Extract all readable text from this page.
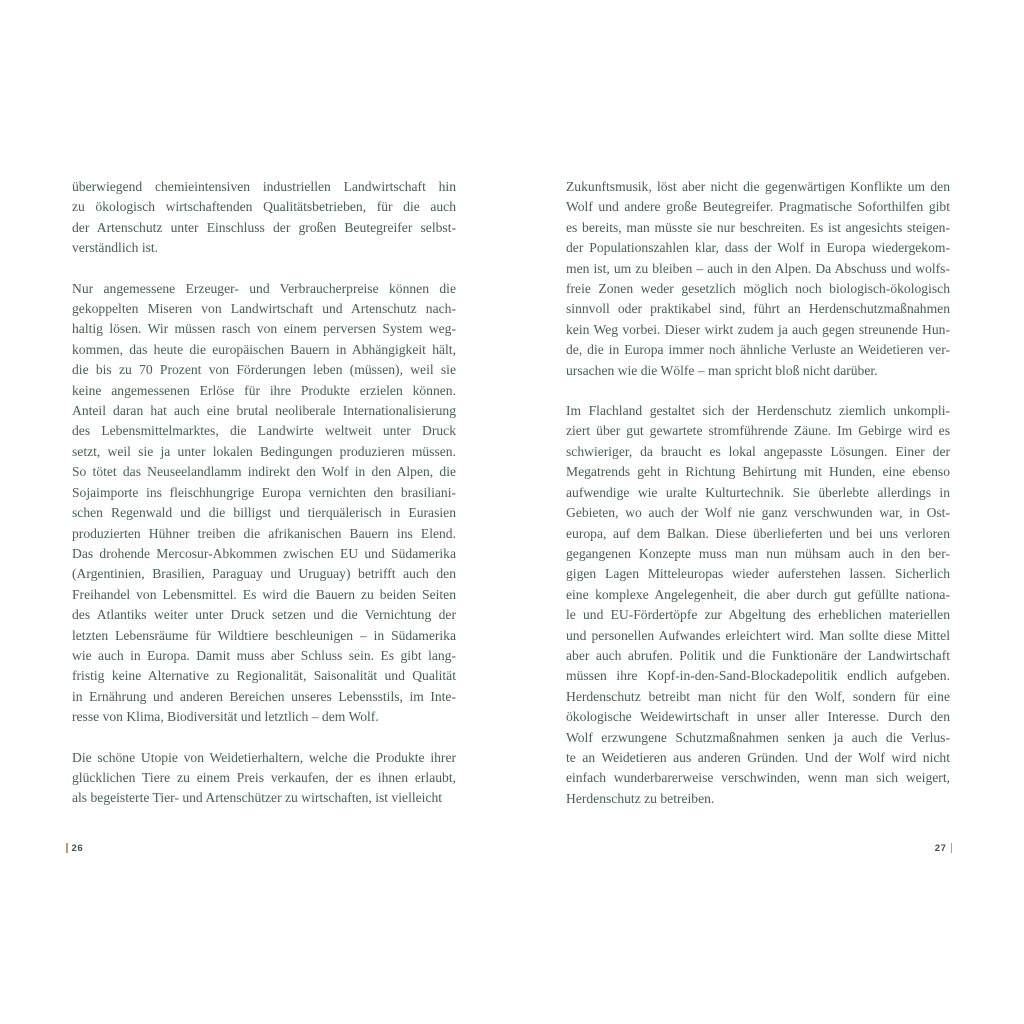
überwiegend chemieintensiven industriellen Landwirtschaft hin
zu ökologisch wirtschaftenden Qualitätsbetrieben, für die auch
der Artenschutz unter Einschluss der großen Beutegreifer selbst-
verständlich ist.
Nur angemessene Erzeuger- und Verbraucherpreise können die
gekoppelten Miseren von Landwirtschaft und Artenschutz nach-
haltig lösen. Wir müssen rasch von einem perversen System weg-
kommen, das heute die europäischen Bauern in Abhängigkeit hält,
die bis zu 70 Prozent von Förderungen leben (müssen), weil sie
keine angemessenen Erlöse für ihre Produkte erzielen können.
Anteil daran hat auch eine brutal neoliberale Internationalisierung
des Lebensmittelmarktes, die Landwirte weltweit unter Druck
setzt, weil sie ja unter lokalen Bedingungen produzieren müssen.
So tötet das Neuseelandlamm indirekt den Wolf in den Alpen, die
Sojaimporte ins fleischhungrige Europa vernichten den brasiliani-
schen Regenwald und die billigst und tierquälerisch in Eurasien
produzierten Hühner treiben die afrikanischen Bauern ins Elend.
Das drohende Mercosur-Abkommen zwischen EU und Südamerika
(Argentinien, Brasilien, Paraguay und Uruguay) betrifft auch den
Freihandel von Lebensmittel. Es wird die Bauern zu beiden Seiten
des Atlantiks weiter unter Druck setzen und die Vernichtung der
letzten Lebensräume für Wildtiere beschleunigen – in Südamerika
wie auch in Europa. Damit muss aber Schluss sein. Es gibt lang-
fristig keine Alternative zu Regionalität, Saisonalität und Qualität
in Ernährung und anderen Bereichen unseres Lebensstils, im Inte-
resse von Klima, Biodiversität und letztlich – dem Wolf.
Die schöne Utopie von Weidetierhaltern, welche die Produkte ihrer
glücklichen Tiere zu einem Preis verkaufen, der es ihnen erlaubt,
als begeisterte Tier- und Artenschützer zu wirtschaften, ist vielleicht
Zukunftsmusik, löst aber nicht die gegenwärtigen Konflikte um den
Wolf und andere große Beutegreifer. Pragmatische Soforthilfen gibt
es bereits, man müsste sie nur beschreiten. Es ist angesichts steigen-
der Populationszahlen klar, dass der Wolf in Europa wiedergekom-
men ist, um zu bleiben – auch in den Alpen. Da Abschuss und wolfs-
freie Zonen weder gesetzlich möglich noch biologisch-ökologisch
sinnvoll oder praktikabel sind, führt an Herdenschutzmaßnahmen
kein Weg vorbei. Dieser wirkt zudem ja auch gegen streunende Hun-
de, die in Europa immer noch ähnliche Verluste an Weidetieren ver-
ursachen wie die Wölfe – man spricht bloß nicht darüber.
Im Flachland gestaltet sich der Herdenschutz ziemlich unkompli-
ziert über gut gewartete stromführende Zäune. Im Gebirge wird es
schwieriger, da braucht es lokal angepasste Lösungen. Einer der
Megatrends geht in Richtung Behirtung mit Hunden, eine ebenso
aufwendige wie uralte Kulturtechnik. Sie überlebte allerdings in
Gebieten, wo auch der Wolf nie ganz verschwunden war, in Ost-
europa, auf dem Balkan. Diese überlieferten und bei uns verloren
gegangenen Konzepte muss man nun mühsam auch in den ber-
gigen Lagen Mitteleuropas wieder auferstehen lassen. Sicherlich
eine komplexe Angelegenheit, die aber durch gut gefüllte nationa-
le und EU-Fördertöpfe zur Abgeltung des erheblichen materiellen
und personellen Aufwandes erleichtert wird. Man sollte diese Mittel
aber auch abrufen. Politik und die Funktionäre der Landwirtschaft
müssen ihre Kopf-in-den-Sand-Blockadepolitik endlich aufgeben.
Herdenschutz betreibt man nicht für den Wolf, sondern für eine
ökologische Weidewirtschaft in unser aller Interesse. Durch den
Wolf erzwungene Schutzmaßnahmen senken ja auch die Verlus-
te an Weidetieren aus anderen Gründen. Und der Wolf wird nicht
einfach wunderbarerweise verschwinden, wenn man sich weigert,
Herdenschutz zu betreiben.
26	27
